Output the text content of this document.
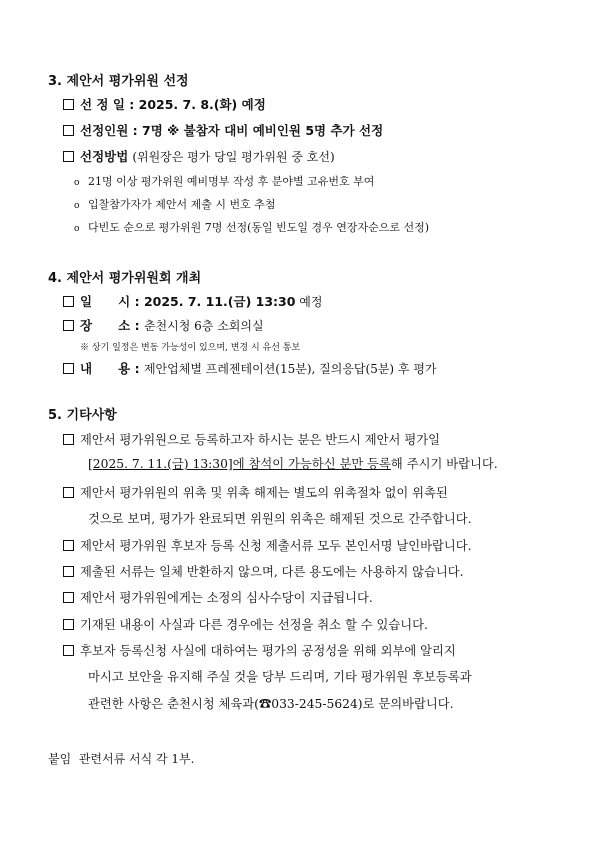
3. 제안서 평가위원 선정
선 정 일 : 2025. 7. 8.(화) 예정
선정인원 : 7명 ※ 불참자 대비 예비인원 5명 추가 선정
선정방법 (위원장은 평가 당일 평가위원 중 호선)
o 21명 이상 평가위원 예비명부 작성 후 분야별 고유번호 부여
o 입찰참가자가 제안서 제출 시 번호 추첨
o 다빈도 순으로 평가위원 7명 선정(동일 빈도일 경우 연장자순으로 선정)
4. 제안서 평가위원회 개최
일      시 : 2025. 7. 11.(금) 13:30 예정
장      소 : 춘천시청 6층 소회의실
※ 상기 일정은 변동 가능성이 있으며, 변경 시 유선 통보
내      용 : 제안업체별 프레젠테이션(15분), 질의응답(5분) 후 평가
5. 기타사항
제안서 평가위원으로 등록하고자 하시는 분은 반드시 제안서 평가일
[2025. 7. 11.(금) 13:30]에 참석이 가능하신 분만 등록해 주시기 바랍니다.
제안서 평가위원의 위촉 및 위촉 해제는 별도의 위촉절차 없이 위촉된
것으로 보며, 평가가 완료되면 위원의 위촉은 해제된 것으로 간주합니다.
제안서 평가위원 후보자 등록 신청 제출서류 모두 본인서명 날인바랍니다.
제출된 서류는 일체 반환하지 않으며, 다른 용도에는 사용하지 않습니다.
제안서 평가위원에게는 소정의 심사수당이 지급됩니다.
기재된 내용이 사실과 다른 경우에는 선정을 취소 할 수 있습니다.
후보자 등록신청 사실에 대하여는 평가의 공정성을 위해 외부에 알리지
마시고 보안을 유지해 주실 것을 당부 드리며, 기타 평가위원 후보등록과
관련한 사항은 춘천시청 체육과(☎033-245-5624)로 문의바랍니다.
붙임  관련서류 서식 각 1부.
